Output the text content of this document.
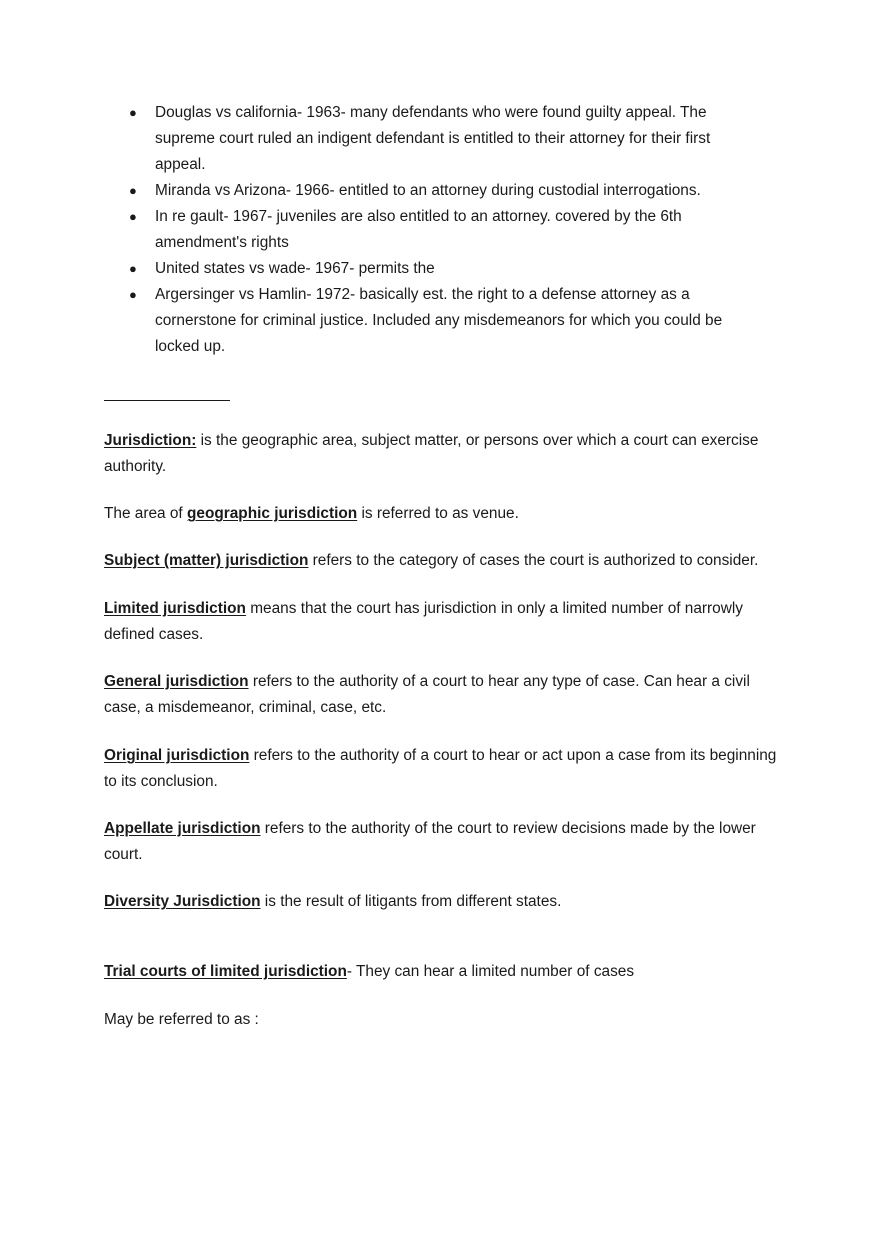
● Douglas vs california- 1963- many defendants who were found guilty appeal. The supreme court ruled an indigent defendant is entitled to their attorney for their first appeal.
● Miranda vs Arizona- 1966- entitled to an attorney during custodial interrogations.
● In re gault- 1967- juveniles are also entitled to an attorney. covered by the 6th amendment's rights
● United states vs wade- 1967- permits the
● Argersinger vs Hamlin- 1972- basically est. the right to a defense attorney as a cornerstone for criminal justice. Included any misdemeanors for which you could be locked up.

Jurisdiction: is the geographic area, subject matter, or persons over which a court can exercise authority.

The area of geographic jurisdiction is referred to as venue.

Subject (matter) jurisdiction refers to the category of cases the court is authorized to consider.

Limited jurisdiction means that the court has jurisdiction in only a limited number of narrowly defined cases.

General jurisdiction refers to the authority of a court to hear any type of case. Can hear a civil case, a misdemeanor, criminal, case, etc.

Original jurisdiction refers to the authority of a court to hear or act upon a case from its beginning to its conclusion.

Appellate jurisdiction refers to the authority of the court to review decisions made by the lower court.

Diversity Jurisdiction is the result of litigants from different states.

Trial courts of limited jurisdiction- They can hear a limited number of cases

May be referred to as :
